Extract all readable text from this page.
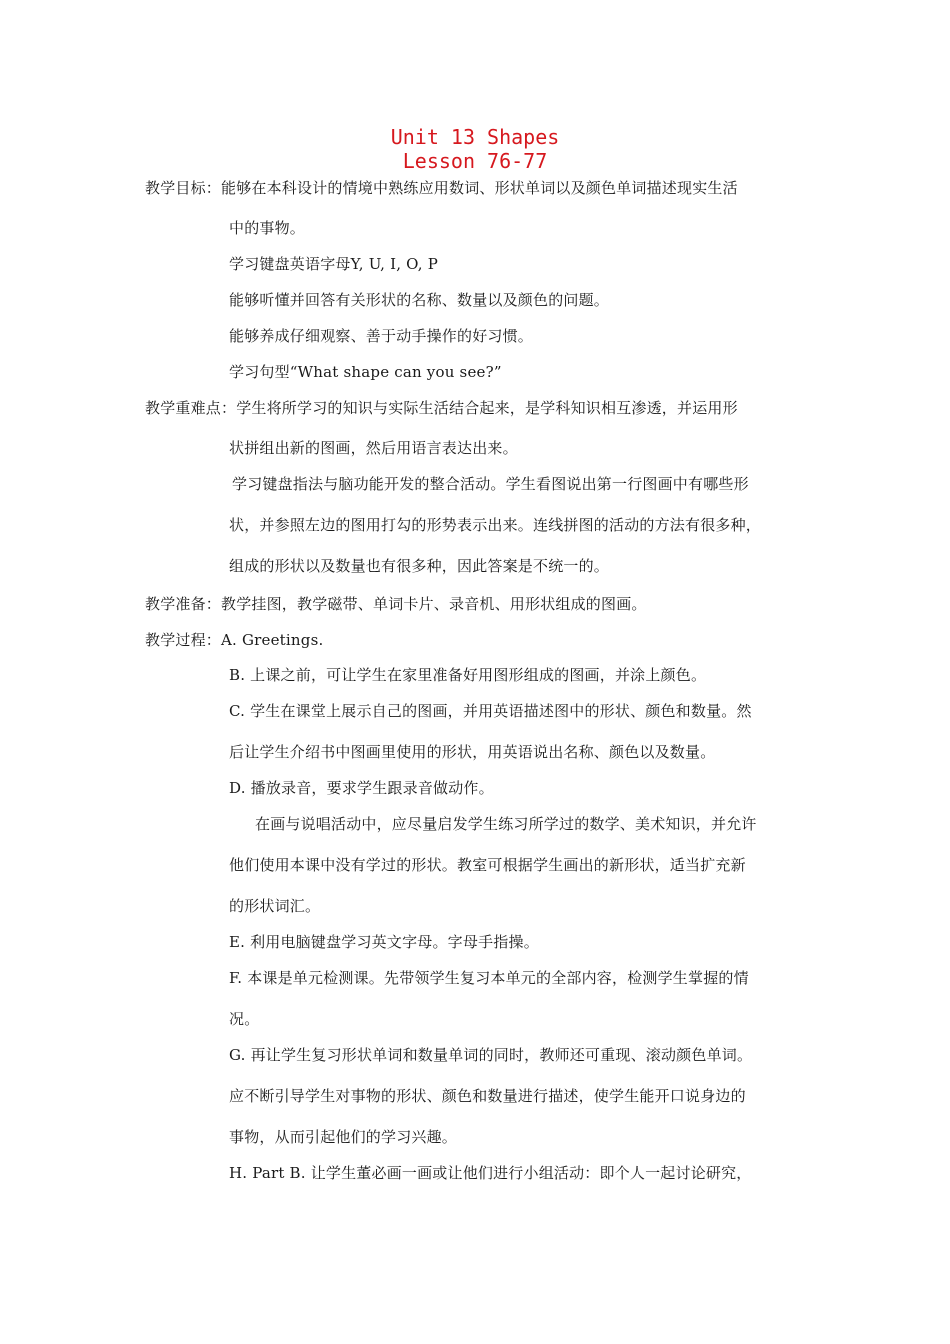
Unit 13 Shapes
Lesson 76-77
教学目标：能够在本科设计的情境中熟练应用数词、形状单词以及颜色单词描述现实生活
中的事物。
学习键盘英语字母Y, U, I, O, P
能够听懂并回答有关形状的名称、数量以及颜色的问题。
能够养成仔细观察、善于动手操作的好习惯。
学习句型“What shape can you see?”
教学重难点：学生将所学习的知识与实际生活结合起来，是学科知识相互渗透，并运用形
状拼组出新的图画，然后用语言表达出来。
学习键盘指法与脑功能开发的整合活动。学生看图说出第一行图画中有哪些形
状，并参照左边的图用打勾的形势表示出来。连线拼图的活动的方法有很多种，
组成的形状以及数量也有很多种，因此答案是不统一的。
教学准备：教学挂图，教学磁带、单词卡片、录音机、用形状组成的图画。
教学过程：A. Greetings.
B. 上课之前，可让学生在家里准备好用图形组成的图画，并涂上颜色。
C. 学生在课堂上展示自己的图画，并用英语描述图中的形状、颜色和数量。然
后让学生介绍书中图画里使用的形状，用英语说出名称、颜色以及数量。
D. 播放录音，要求学生跟录音做动作。
在画与说唱活动中，应尽量启发学生练习所学过的数学、美术知识，并允许
他们使用本课中没有学过的形状。教室可根据学生画出的新形状，适当扩充新
的形状词汇。
E. 利用电脑键盘学习英文字母。字母手指操。
F. 本课是单元检测课。先带领学生复习本单元的全部内容，检测学生掌握的情
况。
G. 再让学生复习形状单词和数量单词的同时，教师还可重现、滚动颜色单词。
应不断引导学生对事物的形状、颜色和数量进行描述，使学生能开口说身边的
事物，从而引起他们的学习兴趣。
H. Part B. 让学生董必画一画或让他们进行小组活动：即个人一起讨论研究，
